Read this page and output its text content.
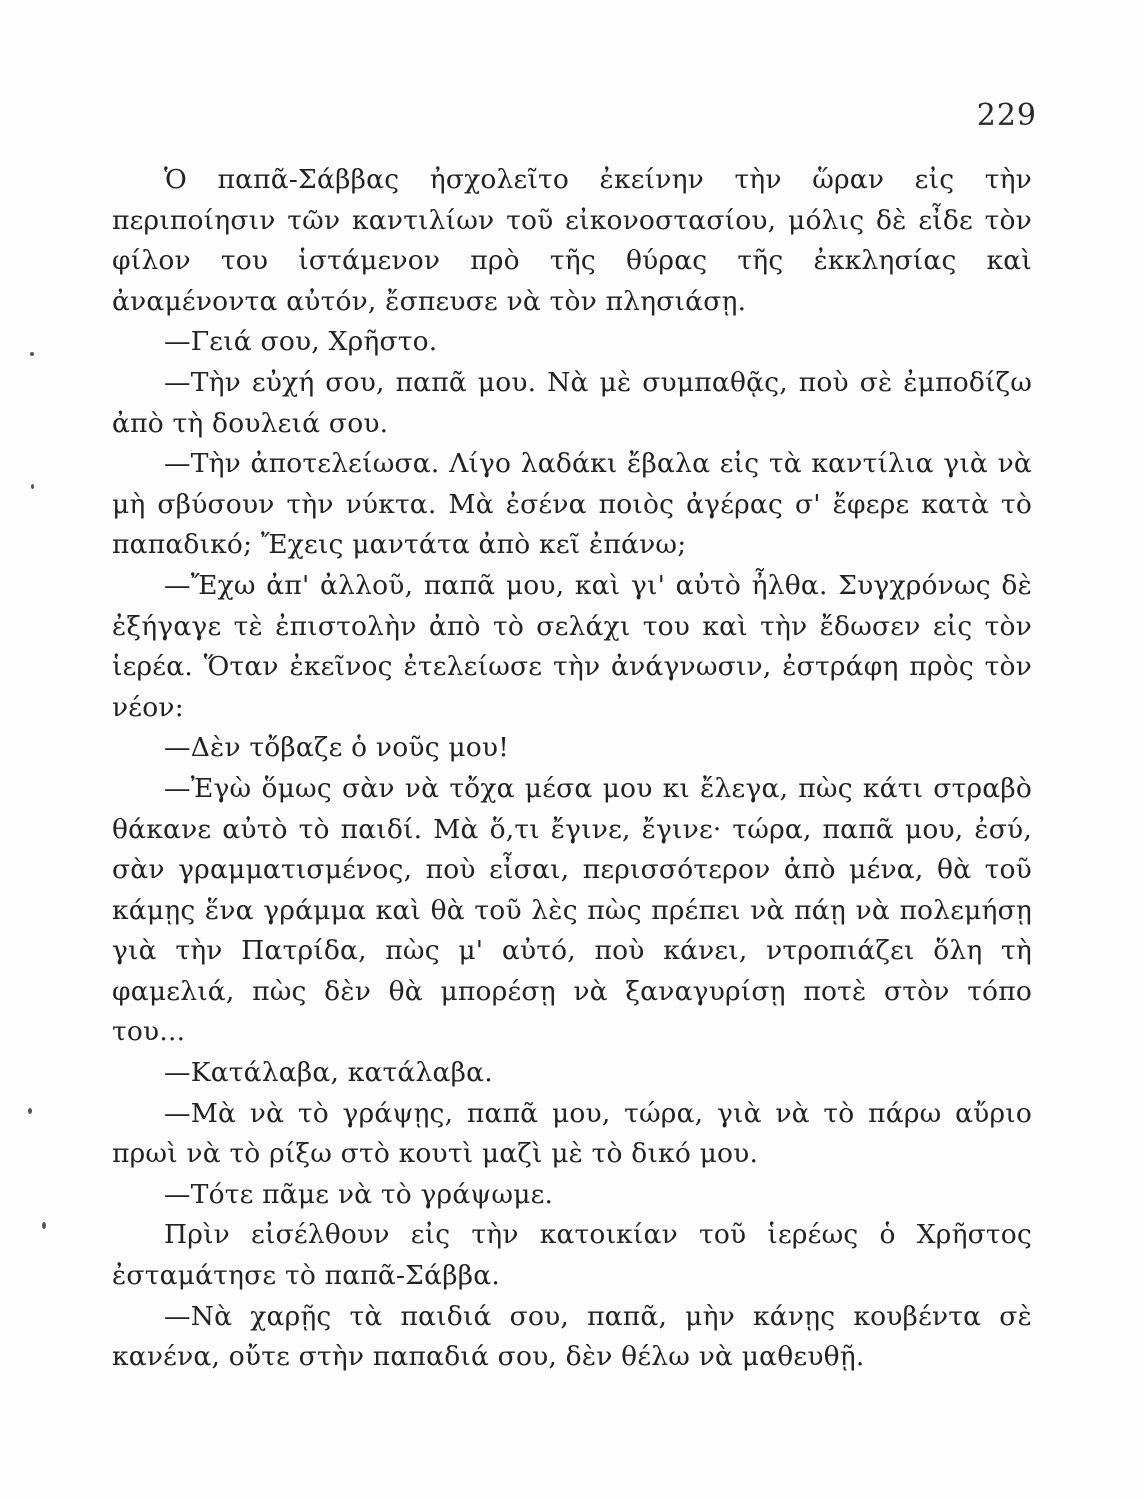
229

Ὁ παπᾶ-Σάββας ἠσχολεῖτο ἐκείνην τὴν ὥραν εἰς τὴν περιποίησιν τῶν καντιλίων τοῦ εἰκονοστασίου, μόλις δὲ εἶδε τὸν φίλον του ἱστάμενον πρὸ τῆς θύρας τῆς ἐκκλησίας καὶ ἀναμένοντα αὐτόν, ἔσπευσε νὰ τὸν πλησιάσῃ.

—Γειά σου, Χρῆστο.

—Τὴν εὐχή σου, παπᾶ μου. Νὰ μὲ συμπαθᾷς, ποὺ σὲ ἐμποδίζω ἀπὸ τὴ δουλειά σου.

—Τὴν ἀποτελείωσα. Λίγο λαδάκι ἔβαλα εἰς τὰ καντίλια γιὰ νὰ μὴ σβύσουν τὴν νύκτα. Μὰ ἐσένα ποιὸς ἀγέρας σ' ἔφερε κατὰ τὸ παπαδικό; Ἔχεις μαντάτα ἀπὸ κεῖ ἐπάνω;

—Ἔχω ἀπ' ἀλλοῦ, παπᾶ μου, καὶ γι' αὐτὸ ἦλθα. Συγχρόνως δὲ ἐξήγαγε τὲ ἐπιστολὴν ἀπὸ τὸ σελάχι του καὶ τὴν ἔδωσεν εἰς τὸν ἱερέα. Ὅταν ἐκεῖνος ἐτελείωσε τὴν ἀνάγνωσιν, ἐστράφη πρὸς τὸν νέον:

—Δὲν τὄβαζε ὁ νοῦς μου!

—Ἐγὼ ὅμως σὰν νὰ τὄχα μέσα μου κι ἔλεγα, πὼς κάτι στραβὸ θάκανε αὐτὸ τὸ παιδί. Μὰ ὅ,τι ἔγινε, ἔγινε· τώρα, παπᾶ μου, ἐσύ, σὰν γραμματισμένος, ποὺ εἶσαι, περισσότερον ἀπὸ μένα, θὰ τοῦ κάμῃς ἕνα γράμμα καὶ θὰ τοῦ λὲς πὼς πρέπει νὰ πάῃ νὰ πολεμήσῃ γιὰ τὴν Πατρίδα, πὼς μ' αὐτό, ποὺ κάνει, ντροπιάζει ὅλη τὴ φαμελιά, πὼς δὲν θὰ μπορέσῃ νὰ ξαναγυρίσῃ ποτὲ στὸν τόπο του...

—Κατάλαβα, κατάλαβα.

—Μὰ νὰ τὸ γράψῃς, παπᾶ μου, τώρα, γιὰ νὰ τὸ πάρω αὔριο πρωὶ νὰ τὸ ρίξω στὸ κουτὶ μαζὶ μὲ τὸ δικό μου.

—Τότε πᾶμε νὰ τὸ γράψωμε.

Πρὶν εἰσέλθουν εἰς τὴν κατοικίαν τοῦ ἱερέως ὁ Χρῆστος ἐσταμάτησε τὸ παπᾶ-Σάββα.

—Νὰ χαρῇς τὰ παιδιά σου, παπᾶ, μὴν κάνῃς κουβέντα σὲ κανένα, οὔτε στὴν παπαδιά σου, δὲν θέλω νὰ μαθευθῇ.
